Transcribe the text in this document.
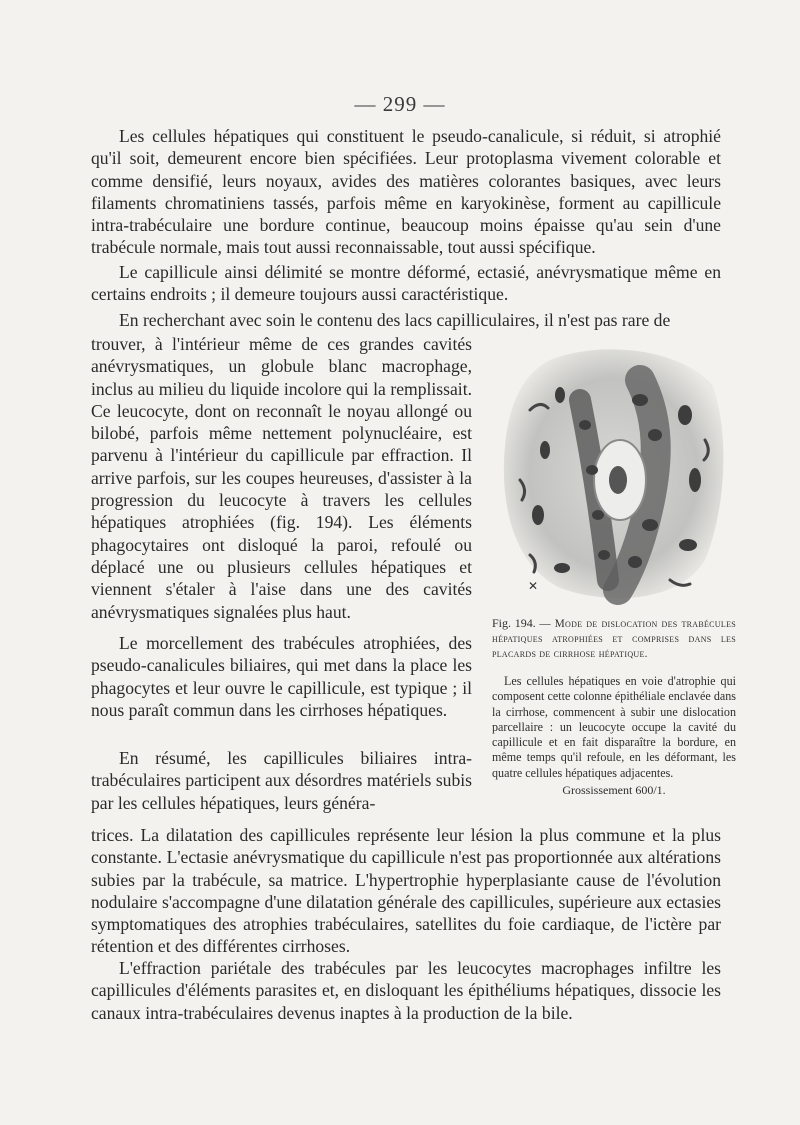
— 299 —

Les cellules hépatiques qui constituent le pseudo-canalicule, si réduit, si atrophié qu'il soit, demeurent encore bien spécifiées. Leur protoplasma vivement colorable et comme densifié, leurs noyaux, avides des matières colorantes basiques, avec leurs filaments chromatiniens tassés, parfois même en karyokinèse, forment au capillicule intra-trabéculaire une bordure continue, beaucoup moins épaisse qu'au sein d'une trabécule normale, mais tout aussi reconnaissable, tout aussi spécifique.

Le capillicule ainsi délimité se montre déformé, ectasié, anévrysmatique même en certains endroits ; il demeure toujours aussi caractéristique.

En recherchant avec soin le contenu des lacs capilliculaires, il n'est pas rare de

trouver, à l'intérieur même de ces grandes cavités anévrysmatiques, un globule blanc macrophage, inclus au milieu du liquide incolore qui la remplissait. Ce leucocyte, dont on reconnaît le noyau allongé ou bilobé, parfois même nettement polynucléaire, est parvenu à l'intérieur du capillicule par effraction. Il arrive parfois, sur les coupes heureuses, d'assister à la progression du leucocyte à travers les cellules hépatiques atrophiées (fig. 194). Les éléments phagocytaires ont disloqué la paroi, refoulé ou déplacé une ou plusieurs cellules hépatiques et viennent s'étaler à l'aise dans une des cavités anévrysmatiques signalées plus haut.

Le morcellement des trabécules atrophiées, des pseudo-canalicules biliaires, qui met dans la place les phagocytes et leur ouvre le capillicule, est typique ; il nous paraît commun dans les cirrhoses hépatiques.

En résumé, les capillicules biliaires intra-trabéculaires participent aux désordres matériels subis par les cellules hépatiques, leurs généra-

trices. La dilatation des capillicules représente leur lésion la plus commune et la plus constante. L'ectasie anévrysmatique du capillicule n'est pas proportionnée aux altérations subies par la trabécule, sa matrice. L'hypertrophie hyperplasiante cause de l'évolution nodulaire s'accompagne d'une dilatation générale des capillicules, supérieure aux ectasies symptomatiques des atrophies trabéculaires, satellites du foie cardiaque, de l'ictère par rétention et des différentes cirrhoses.

L'effraction pariétale des trabécules par les leucocytes macrophages infiltre les capillicules d'éléments parasites et, en disloquant les épithéliums hépatiques, dissocie les canaux intra-trabéculaires devenus inaptes à la production de la bile.

✕
Fig. 194. — Mode de dislocation des trabécules hépatiques atrophiées et comprises dans les placards de cirrhose hépatique.
Les cellules hépatiques en voie d'atrophie qui composent cette colonne épithéliale enclavée dans la cirrhose, commencent à subir une dislocation parcellaire : un leucocyte occupe la cavité du capillicule et en fait disparaître la bordure, en même temps qu'il refoule, en les déformant, les quatre cellules hépatiques adjacentes.
Grossissement 600/1.
